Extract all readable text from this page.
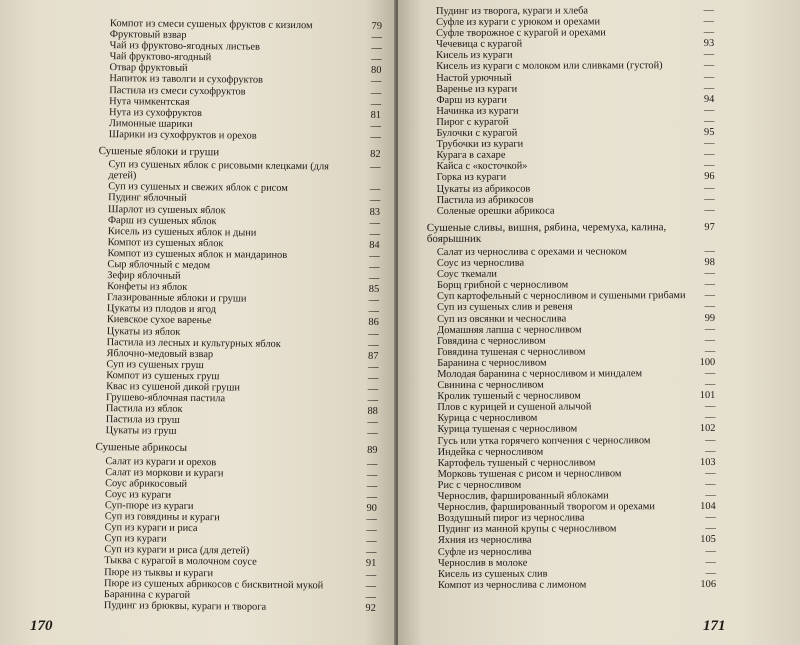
Компот из смеси сушеных фруктов с кизилом	79
Фруктовый взвар	—
Чай из фруктово-ягодных листьев	—
Чай фруктово-ягодный	—
Отвар фруктовый	80
Напиток из таволги и сухофруктов	—
Пастила из смеси сухофруктов	—
Нута чимкентская	—
Нута из сухофруктов	81
Лимонные шарики	—
Шарики из сухофруктов и орехов	—
Сушеные яблоки и груши	82
Суп из сушеных яблок с рисовыми клецками (для детей)
—
Суп из сушеных и свежих яблок с рисом	—
Пудинг яблочный	—
Шарлот из сушеных яблок	83
Фарш из сушеных яблок	—
Кисель из сушеных яблок и дыни	—
Компот из сушеных яблок	84
Компот из сушеных яблок и мандаринов	—
Сыр яблочный с медом	—
Зефир яблочный	—
Конфеты из яблок	85
Глазированные яблоки и груши	—
Цукаты из плодов и ягод	—
Киевское сухое варенье	86
Цукаты из яблок	—
Пастила из лесных и культурных яблок	—
Яблочно-медовый взвар	87
Суп из сушеных груш	—
Компот из сушеных груш	—
Квас из сушеной дикой груши	—
Грушево-яблочная пастила	—
Пастила из яблок	88
Пастила из груш	—
Цукаты из груш	—
Сушеные абрикосы	89
Салат из кураги и орехов	—
Салат из моркови и кураги	—
Соус абрикосовый	—
Соус из кураги	—
Суп-пюре из кураги	90
Суп из говядины и кураги	—
Суп из кураги и риса	—
Суп из кураги	—
Суп из кураги и риса (для детей)	—
Тыква с курагой в молочном соусе	91
Пюре из тыквы и кураги	—
Пюре из сушеных абрикосов с бисквитной мукой	—
Баранина с курагой	—
Пудинг из брюквы, кураги и творога	92
170
Пудинг из творога, кураги и хлеба	—
Суфле из кураги с урюком и орехами	—
Суфле творожное с курагой и орехами	—
Чечевица с курагой	93
Кисель из кураги	—
Кисель из кураги с молоком или сливками (густой)	—
Настой урючный	—
Варенье из кураги	—
Фарш из кураги	94
Начинка из кураги	—
Пирог с курагой	—
Булочки с курагой	95
Трубочки из кураги	—
Курага в сахаре	—
Кайса с «косточкой»	—
Горка из кураги	96
Цукаты из абрикосов	—
Пастила из абрикосов	—
Соленые орешки абрикоса	—
Сушеные сливы, вишня, рябина, черемуха, калина, боярышник
97
Салат из чернослива с орехами и чесноком	—
Соус из чернослива	98
Соус ткемали	—
Борщ грибной с черносливом	—
Суп картофельный с черносливом и сушеными грибами	—
Суп из сушеных слив и ревеня	—
Суп из овсянки и чеснослива	99
Домашняя лапша с черносливом	—
Говядина с черносливом	—
Говядина тушеная с черносливом	—
Баранина с черносливом	100
Молодая баранина с черносливом и миндалем	—
Свинина с черносливом	—
Кролик тушеный с черносливом	101
Плов с курицей и сушеной алычой	—
Курица с черносливом	—
Курица тушеная с черносливом	102
Гусь или утка горячего копчения с черносливом	—
Индейка с черносливом	—
Картофель тушеный с черносливом	103
Морковь тушеная с рисом и черносливом	—
Рис с черносливом	—
Чернослив, фаршированный яблоками	—
Чернослив, фаршированный творогом и орехами	104
Воздушный пирог из чернослива	—
Пудинг из манной крупы с черносливом	—
Яхния из чернослива	105
Суфле из чернослива	—
Чернослив в молоке	—
Кисель из сушеных слив	—
Компот из чернослива с лимоном	106
171
